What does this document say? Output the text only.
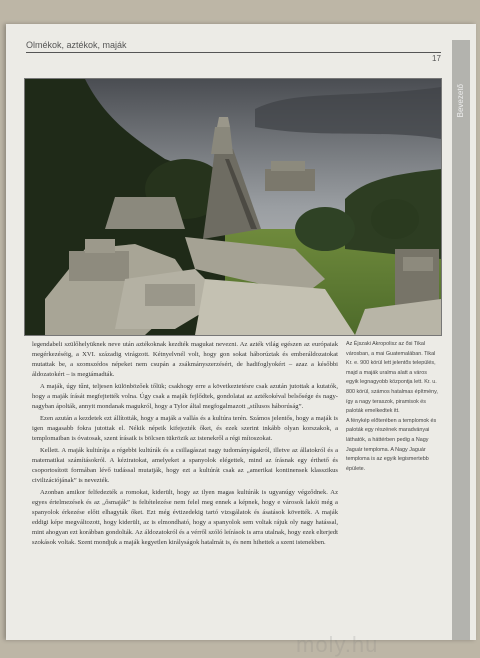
Olmékok, aztékok, maják
17
Bevezető

legendabeli szülőhelyüknek neve után aztékoknak kezdték magukat nevezni. Az azték világ egészen az európaiak megérkezéséig, a XVI. századig virágzott. Kétnyelvnél volt, hogy gon sokat háborúztak és emberáldozatokat mutattak be, a szomszédos népeket nem csupán a zsákmányszerzésért, de hadifoglyokért – azaz a későbbi áldozatokért – is megtámadták.

A maják, úgy tűnt, teljesen különbözőek tőlük; csakhogy erre a következtetésre csak azután jutottak a kutatók, hogy a maják írását megfejtették volna. Úgy csak a maják fejlődtek, gondolatai az aztékokéval belsősége és nagy-nagyban ápolták, annyit mondanak magukról, hogy a Tylor által megfogalmazott „stílusos háborúság”.

Ezen azután a kezdetek ezt állították, hogy a maják a vallás és a kultúra terén. Számos jelentős, hogy a maják is igen magasabb fokra jutottak el. Nékik népeik kifejezték őket, és ezek szerint inkább olyan korszakok, a templomaiban is óvatosak, szent írásaik is bölcsen tükrözik az istenekről a régi mítoszokat.

Kellett. A maják kultúrája a régebbi kultúrák és a csillagászat nagy tudományágakról, illetve az állatokról és a matematikai számításokról. A kéziratokat, amelyeket a spanyolok elégettek, mind az írásnak egy érthető és csoportosított formában lévő tudással mutatják, hogy ezt a kultúrát csak az „amerikai kontinensek klasszikus civilizációjának” is nevezték.

Azonban amikor felfedezték a romokat, kiderült, hogy az ilyen magas kultúrák is ugyanúgy végződnek. Az egyes értelmezések és az „ősmaják” is feltételezése nem felel meg ennek a képnek, hogy e városok lakói még a spanyolok érkezése előtt elhagyták őket. Ezt még évtizedekig tartó vizsgálatok és ásatások követték. A maják eddigi képe megváltozott, hogy kiderült, az is elmondható, hogy a spanyolok sem voltak rájuk oly nagy hatással, mint ahogyan ezt korábban gondolták. Az áldozatokról és a vérről szóló leírások is arra utalnak, hogy ezek elterjedt szokások voltak. Szent mondjuk a maják kegyetlen királyságok hatalmát is, és nem hihettek a szent istenekben.

Az Éjszaki Akropolisz az ősi Tikal városban, a mai Guatemalában. Tikal Kr. e. 900 körül lett jelentős település, majd a maják uralma alatt a város egyik legnagyobb központja lett. Kr. u. 800 körül, számos hatalmas építmény, így a nagy teraszok, piramisok és paloták emelkedtek itt.

A fénykép előterében a templomok és paloták egy részének maradványai láthatók, a háttérben pedig a Nagy Jaguár temploma. A Nagy Jaguár temploma is az egyik legismertebb épülete.

moly.hu
